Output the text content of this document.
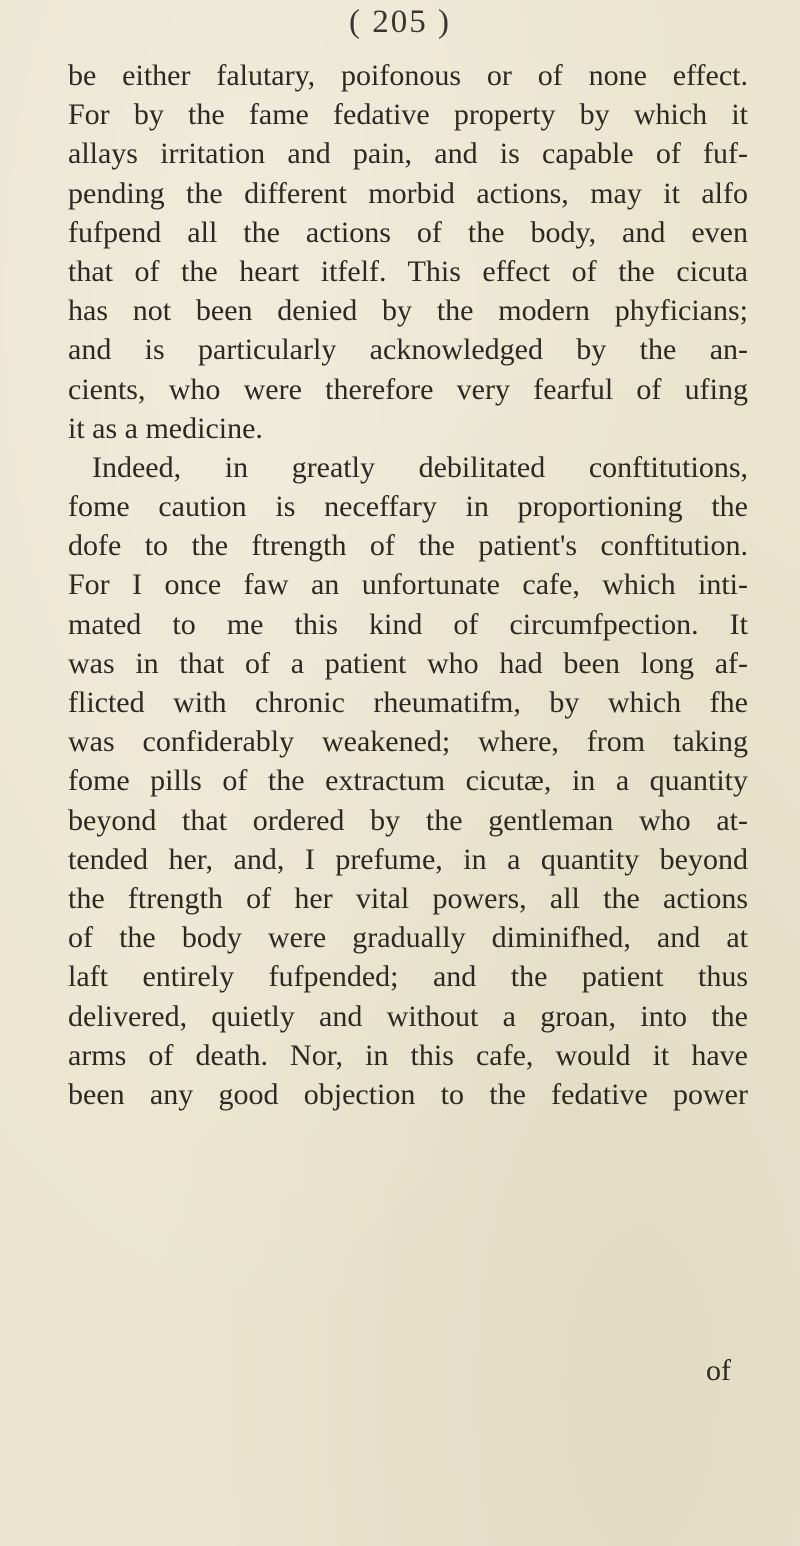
( 205 )
be either falutary, poifonous or of none effect.
For by the fame fedative property by which it
allays irritation and pain, and is capable of fuf-
pending the different morbid actions, may it alfo
fufpend all the actions of the body, and even
that of the heart itfelf. This effect of the cicuta
has not been denied by the modern phyficians;
and is particularly acknowledged by the an-
cients, who were therefore very fearful of ufing
it as a medicine.
Indeed, in greatly debilitated conftitutions,
fome caution is neceffary in proportioning the
dofe to the ftrength of the patient's conftitution.
For I once faw an unfortunate cafe, which inti-
mated to me this kind of circumfpection. It
was in that of a patient who had been long af-
flicted with chronic rheumatifm, by which fhe
was confiderably weakened; where, from taking
fome pills of the extractum cicutæ, in a quantity
beyond that ordered by the gentleman who at-
tended her, and, I prefume, in a quantity beyond
the ftrength of her vital powers, all the actions
of the body were gradually diminifhed, and at
laft entirely fufpended; and the patient thus
delivered, quietly and without a groan, into the
arms of death. Nor, in this cafe, would it have
been any good objection to the fedative power
of
